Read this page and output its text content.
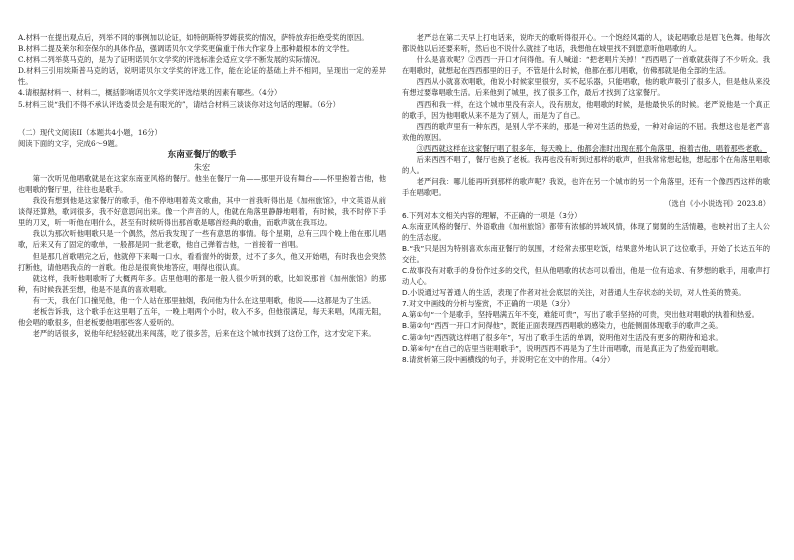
A.材料一在提出观点后，列举不同的事例加以论证，如特朗斯特罗姆获奖的情况，萨特放弃拒绝受奖的原因。

B.材料二提及莱尔和奈保尔的具体作品，强调诺贝尔文学奖更偏重于伟大作家身上那种最根本的文学性。

C.材料二列举莫马克的，是为了证明诺贝尔文学奖的评选标准会适应文学不断发展的实际情况。

D.材料三引用埃斯普马克的话，说明诺贝尔文学奖的评选工作，能在论证的基础上并不相同，呈现出一定的差异性。

4.请根据材料一、材料二，概括影响诺贝尔文学奖评选结果的因素有哪些。（4分）

5.材料三说“我们不得不承认评选委员会是有眼光的”，请结合材料三谈谈你对这句话的理解。（6分）

（二）现代文阅读II（本题共4小题，16分）

阅读下面的文字，完成6～9题。

东南亚餐厅的歌手

朱宏

第一次听见他唱歌就是在这家东南亚风格的餐厅。他坐在餐厅一角——那里开设有舞台——怀里抱着吉他，他也唱歌的餐厅里，往往也是歌手。

我没有想到他是这家餐厅的歌手，他不停地唱着英文歌曲，其中一首我听得出是《加州旅馆》，中文英语从前谈得还算熟，歌词很多，我不好意思问出来。像一个声音的人，他就在角落里静静地唱着，有时候，我不时停下手里的刀叉，听一听他在唱什么，甚至有时候听得出那首歌是哪首经典的歌曲，而歌声就在我耳边。

我以为那次听他唱歌只是一个偶然，然后我发现了一些有意思的事情。每个星期，总有三四个晚上他在那儿唱歌，后来又有了固定的歌单，一般都是同一批老歌，他自己弹着吉他，一首接着一首唱。

但是那几首歌唱完之后，他就停下来喝一口水，看看窗外的街景，过不了多久，他又开始唱，有时我也会突然打断他，请他唱我点的一首歌。他总是很爽快地答应，唱得也很认真。

就这样，我听他唱歌听了大概两年多。店里他唱的都是一般人很少听到的歌，比如说那首《加州旅馆》的那种，有时候我甚至想，他是不是真的喜欢唱歌。

有一天，我在门口撞见他，他一个人站在那里抽烟，我问他为什么在这里唱歌，他说——这都是为了生活。

老板告诉我，这个歌手在这里唱了五年，一晚上唱两个小时，收入不多，但他很满足，每天来唱，风雨无阻，他会唱的歌很多，但老板要他唱那些客人爱听的。

老严的话很多，说他年纪轻轻就出来闯荡，吃了很多苦，后来在这个城市找到了这份工作，这才安定下来。

老严总在第二天早上打电话来，说昨天的歌听得很开心。一个饱经风霜的人，谈起唱歌总是眉飞色舞。他每次都说他以后还要来听，然后也不说什么就挂了电话，我想他在城里找不到愿意听他唱歌的人。

什么是喜欢呢？②西西一开口才问得他。有人喊道：“把老唱片关掉！”西西唱了一首歌就获得了不少听众。我在唱歌时，就想起在西西那里的日子，不管是什么时候，他都在那儿唱歌，仿佛那就是他全部的生活。

西西从小就喜欢唱歌，他说小时候家里很穷，买不起乐器，只能唱歌，他的歌声吸引了很多人，但是他从来没有想过要靠唱歌生活。后来他到了城里，找了很多工作，最后才找到了这家餐厅。

西西和我一样，在这个城市里没有亲人，没有朋友，他唱歌的时候，是他最快乐的时候。老严说他是一个真正的歌手，因为他唱歌从来不是为了别人，而是为了自己。

西西的歌声里有一种东西，是别人学不来的，那是一种对生活的热爱，一种对命运的不屈。我想这也是老严喜欢他的原因。

③西西就这样在这家餐厅唱了很多年，每天晚上，他都会准时出现在那个角落里，抱着吉他，唱着那些老歌。

后来西西不唱了，餐厅也换了老板。我再也没有听到过那样的歌声，但我常常想起他，想起那个在角落里唱歌的人。

老严问我：哪儿能再听到那样的歌声呢？我说，也许在另一个城市的另一个角落里，还有一个像西西这样的歌手在唱歌吧。

（选自《小小说选刊》2023.8）

6.下列对本文相关内容的理解，不正确的一项是（3分）

A.东南亚风格的餐厅、外语歌曲《加州旅馆》都带有浓郁的异域风情，体现了舅舅的生活情趣，也映衬出了主人公的生活态度。

B.“我”只是因为特别喜欢东南亚餐厅的氛围，才经常去那里吃饭，结果意外地认识了这位歌手，开始了长达五年的交往。

C.故事没有对歌手的身份作过多的交代，但从他唱歌的状态可以看出，他是一位有追求、有梦想的歌手，用歌声打动人心。

D.小说通过写普通人的生活，表现了作者对社会底层的关注，对普通人生存状态的关切，对人性美的赞美。

7.对文中画线的分析与鉴赏，不正确的一项是（3分）

A.第①句“一个是歌手，坚持唱满五年不变，难能可贵”，写出了歌手坚持的可贵，突出他对唱歌的执着和热爱。

B.第②句“西西一开口才问得他”，既能正面表现西西唱歌的感染力，也能侧面体现歌手的歌声之美。

C.第③句“西西就这样唱了很多年”，写出了歌手生活的单调，说明他对生活没有更多的期待和追求。

D.第④句“在自己的店里当驻唱歌手”，说明西西不再是为了生计而唱歌，而是真正为了热爱而唱歌。

8.请赏析第三段中画横线的句子，并说明它在文中的作用。（4分）
